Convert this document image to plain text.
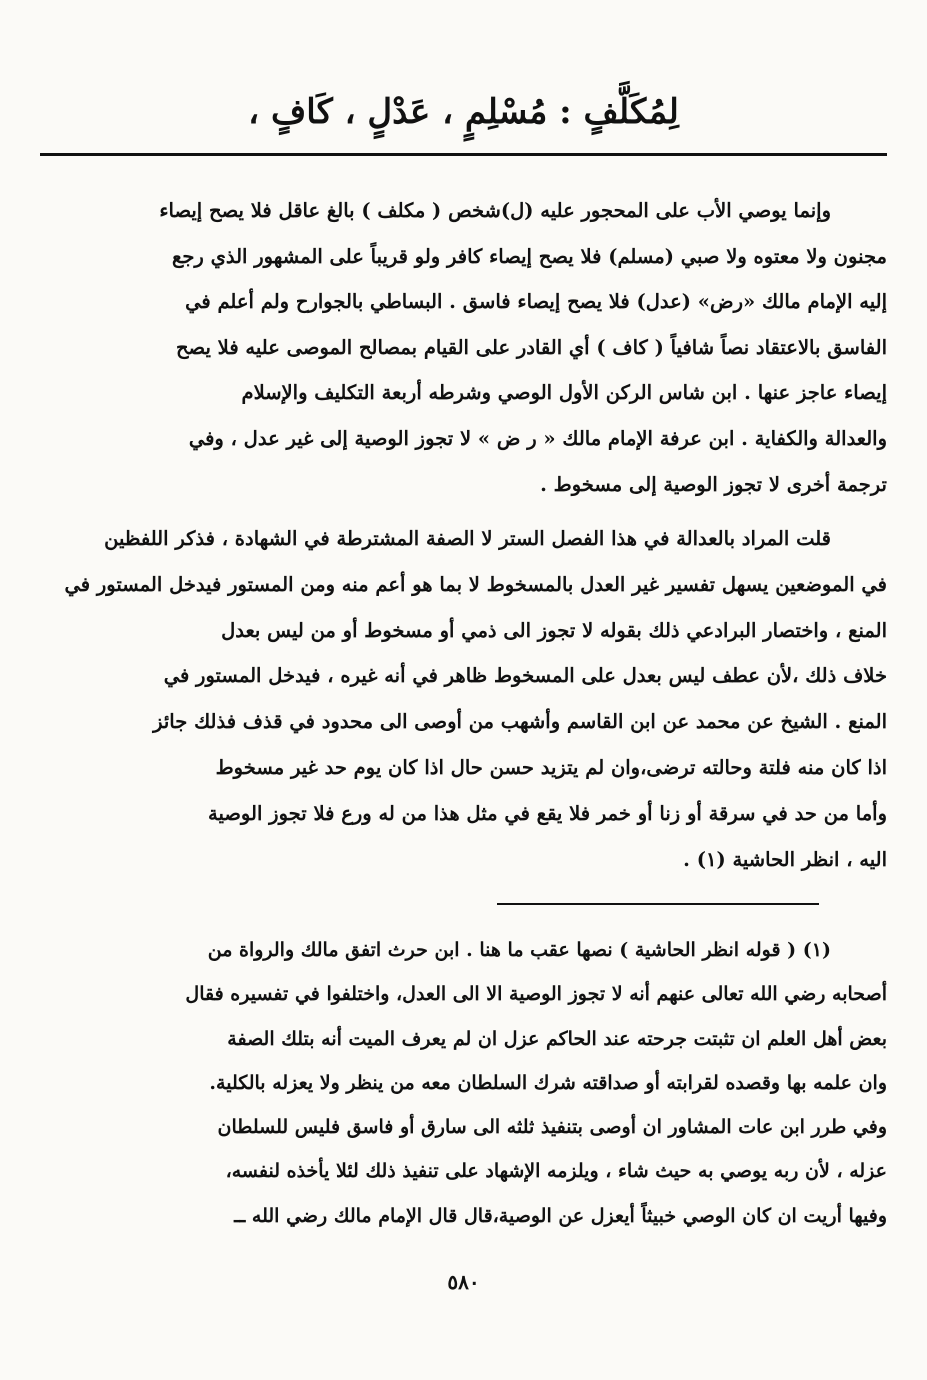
لِمُكَلَّفٍ : مُسْلِمٍ ، عَدْلٍ ، كَافٍ ،
وإنما يوصي الأب على المحجور عليه (ل)شخص ( مكلف ) بالغ عاقل فلا يصح إيصاء
مجنون ولا معتوه ولا صبي (مسلم) فلا يصح إيصاء كافر ولو قريباً على المشهور الذي رجع
إليه الإمام مالك «رض» (عدل) فلا يصح إيصاء فاسق . البساطي بالجوارح ولم أعلم في
الفاسق بالاعتقاد نصاً شافياً ( كاف ) أي القادر على القيام بمصالح الموصى عليه فلا يصح
إيصاء عاجز عنها . ابن شاس الركن الأول الوصي وشرطه أربعة التكليف والإسلام
والعدالة والكفاية . ابن عرفة الإمام مالك « ر ض » لا تجوز الوصية إلى غير عدل ، وفي
ترجمة أخرى لا تجوز الوصية إلى مسخوط .
قلت المراد بالعدالة في هذا الفصل الستر لا الصفة المشترطة في الشهادة ، فذكر اللفظين
في الموضعين يسهل تفسير غير العدل بالمسخوط لا بما هو أعم منه ومن المستور فيدخل المستور في
المنع ، واختصار البرادعي ذلك بقوله لا تجوز الى ذمي أو مسخوط أو من ليس بعدل
خلاف ذلك ،لأن عطف ليس بعدل على المسخوط ظاهر في أنه غيره ، فيدخل المستور في
المنع . الشيخ عن محمد عن ابن القاسم وأشهب من أوصى الى محدود في قذف فذلك جائز
اذا كان منه فلتة وحالته ترضى،وان لم يتزيد حسن حال اذا كان يوم حد غير مسخوط
وأما من حد في سرقة أو زنا أو خمر فلا يقع في مثل هذا من له ورع فلا تجوز الوصية
اليه ، انظر الحاشية (١) .
(١) ( قوله انظر الحاشية ) نصها عقب ما هنا . ابن حرث اتفق مالك والرواة من
أصحابه رضي الله تعالى عنهم أنه لا تجوز الوصية الا الى العدل، واختلفوا في تفسيره فقال
بعض أهل العلم ان تثبتت جرحته عند الحاكم عزل ان لم يعرف الميت أنه بتلك الصفة
وان علمه بها وقصده لقرابته أو صداقته شرك السلطان معه من ينظر ولا يعزله بالكلية.
وفي طرر ابن عات المشاور ان أوصى بتنفيذ ثلثه الى سارق أو فاسق فليس للسلطان
عزله ، لأن ربه يوصي به حيث شاء ، ويلزمه الإشهاد على تنفيذ ذلك لئلا يأخذه لنفسه،
وفيها أريت ان كان الوصي خبيثاً أيعزل عن الوصية،قال قال الإمام مالك رضي الله ــ
٥٨٠
